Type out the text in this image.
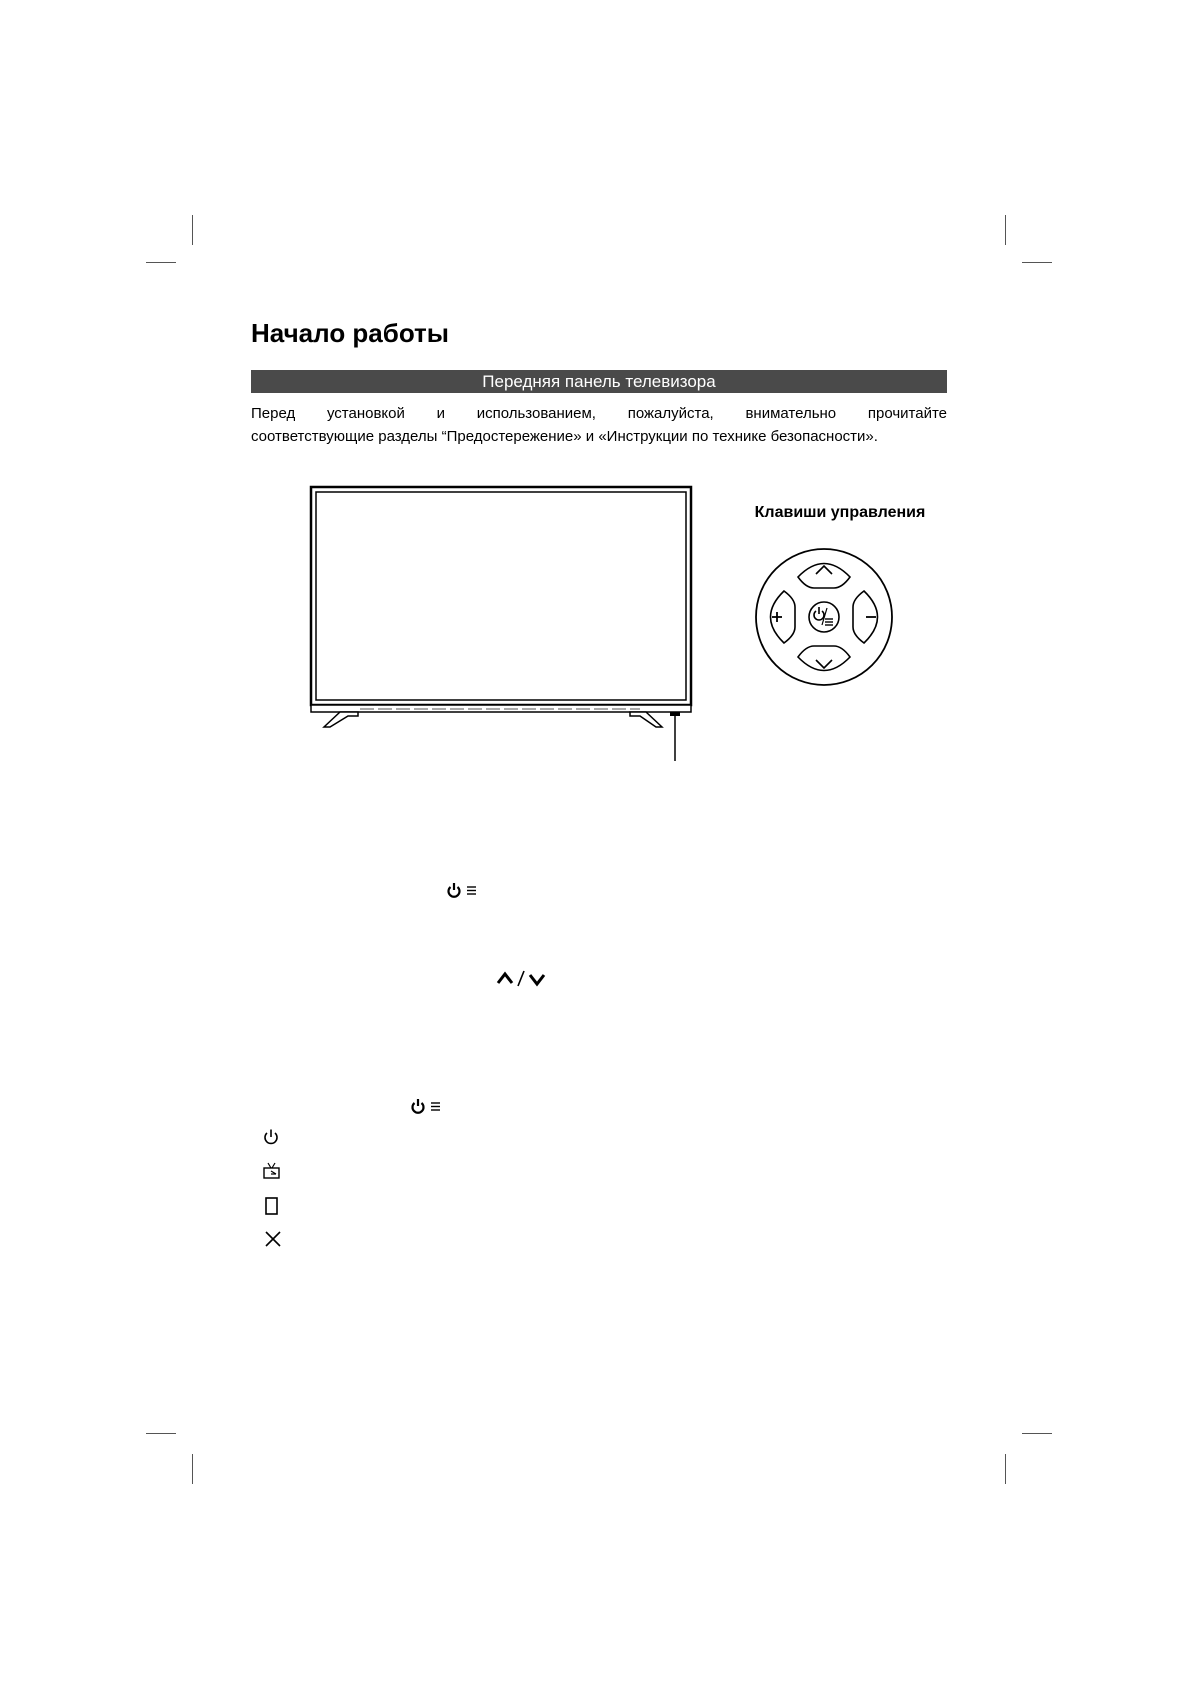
Начало работы
Передняя панель телевизора
Перед установкой и использованием, пожалуйста, внимательно прочитайте
соответствующие разделы “Предостережение» и «Инструкции по технике безопасности».
Клавиши управления
